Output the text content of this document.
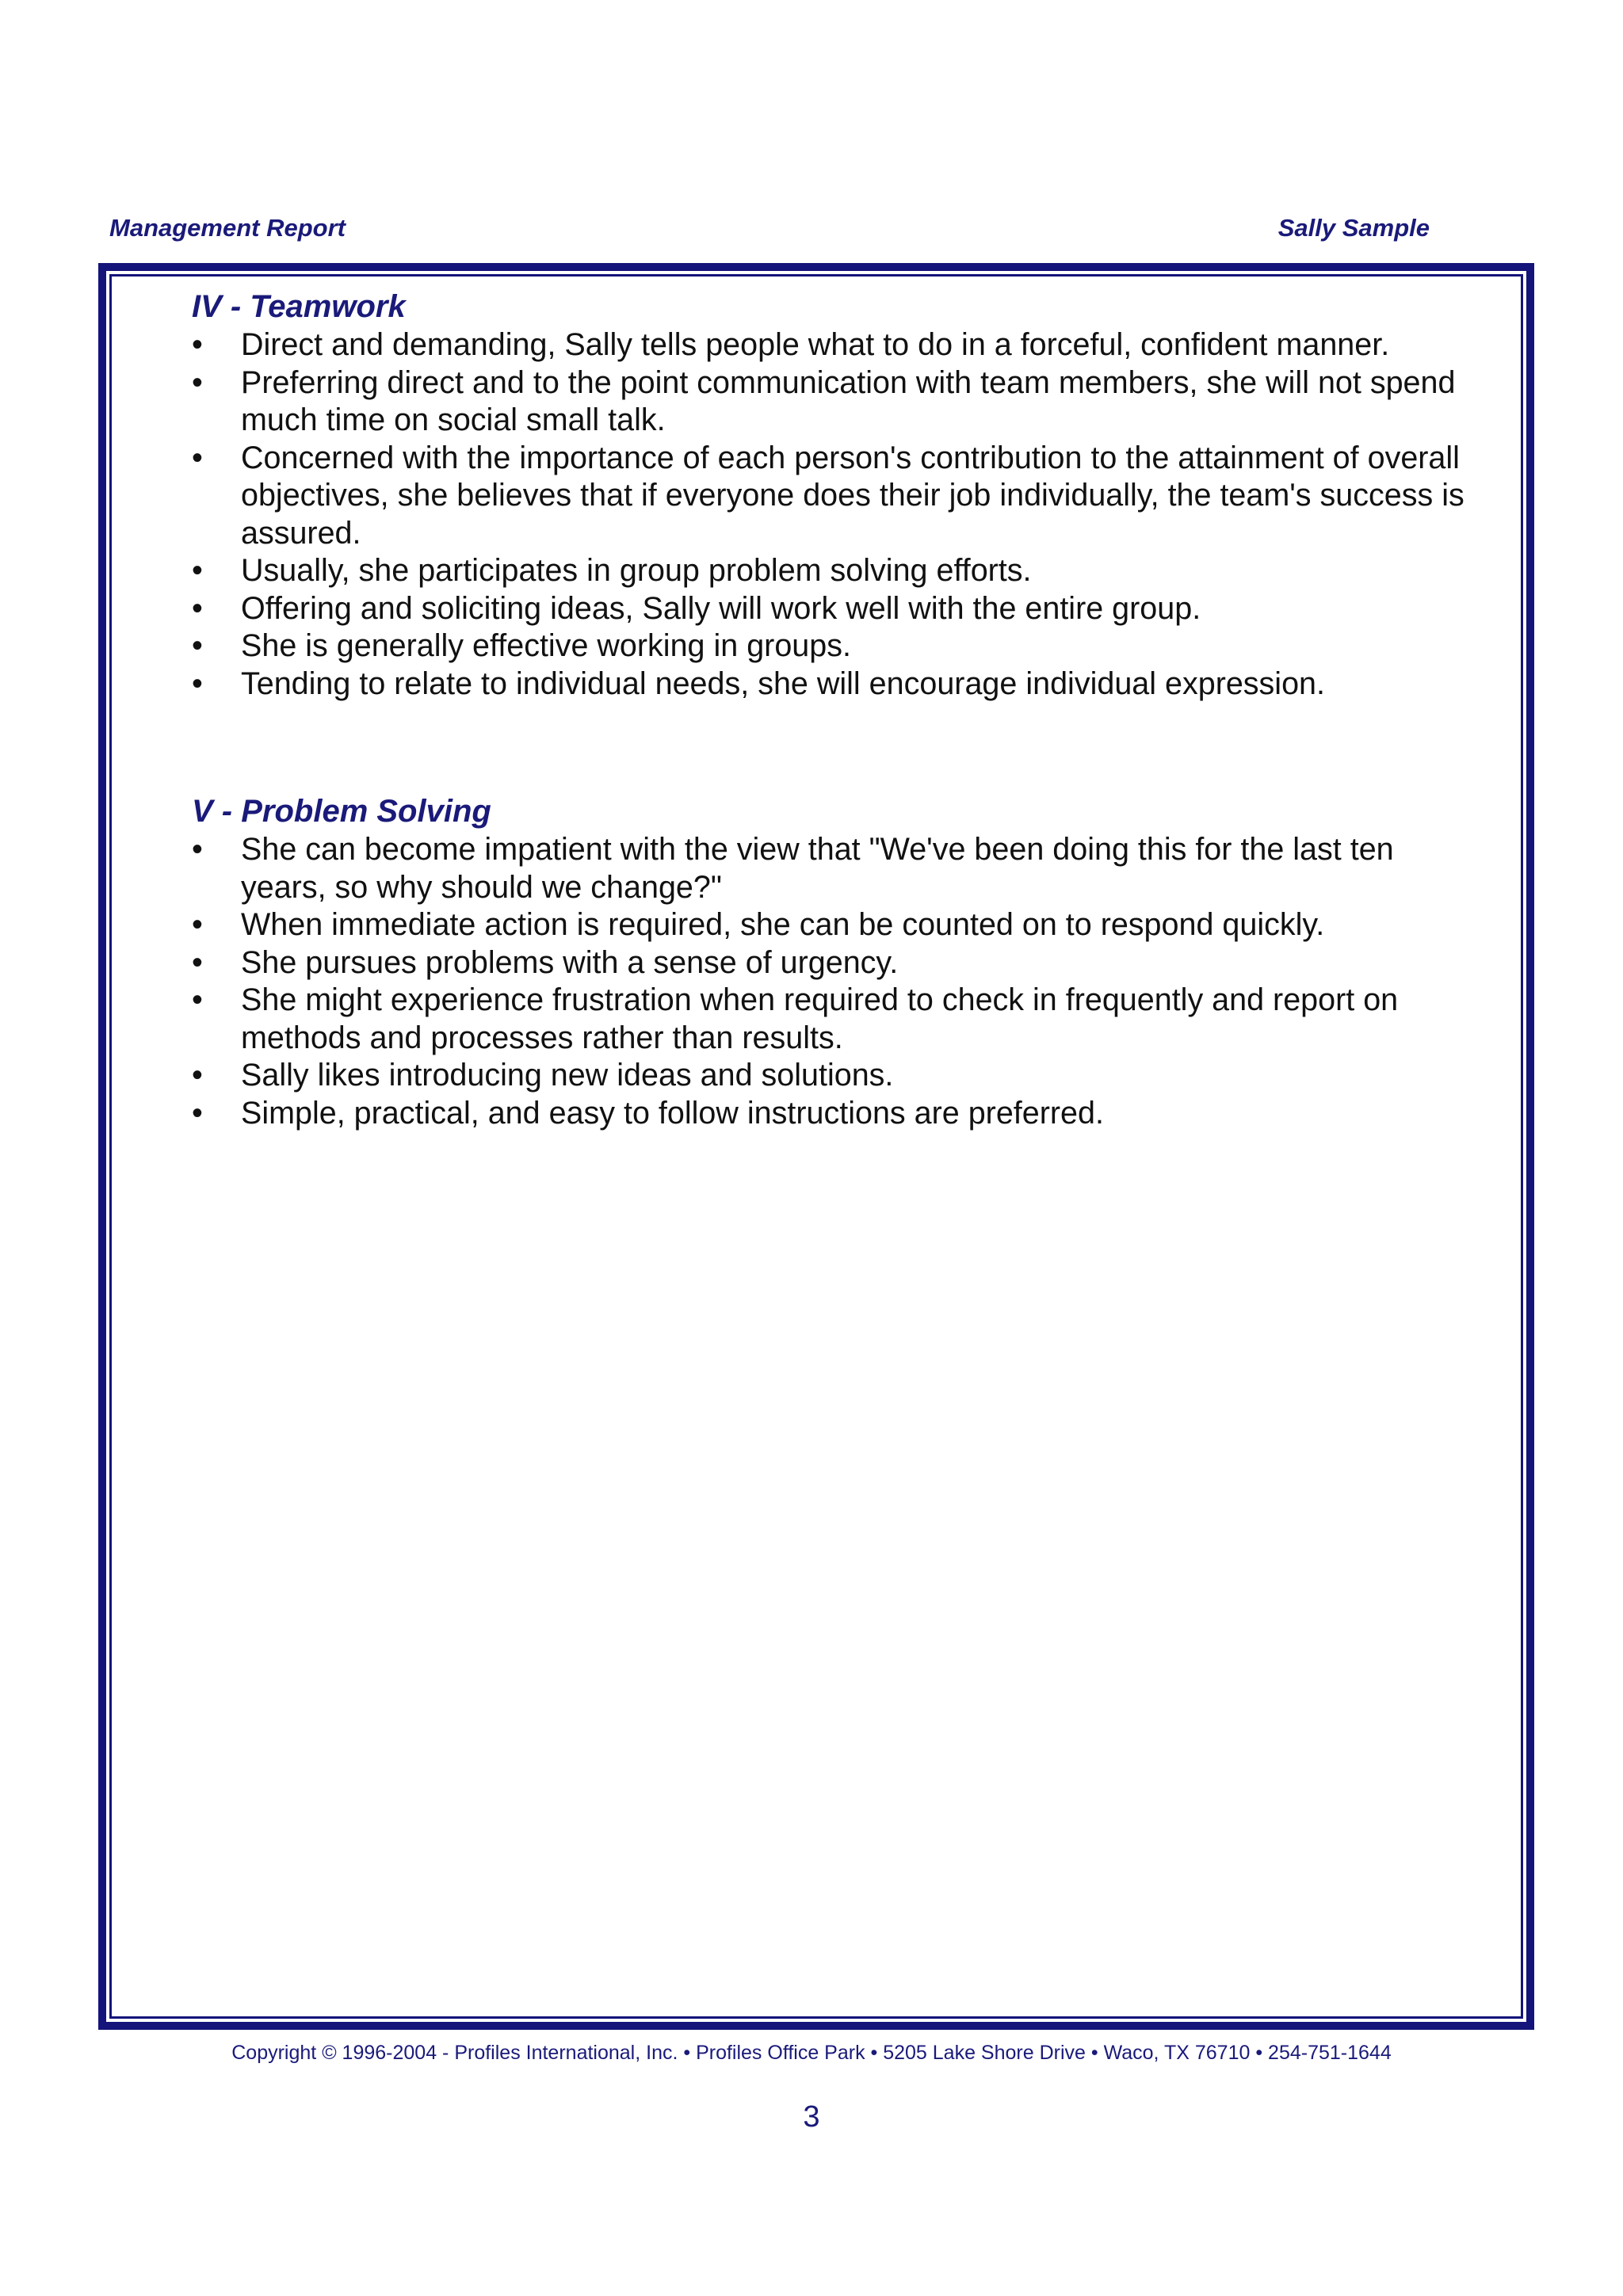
Management Report	Sally Sample
IV - Teamwork
• Direct and demanding, Sally tells people what to do in a forceful, confident manner.
• Preferring direct and to the point communication with team members, she will not spend much time on social small talk.
• Concerned with the importance of each person's contribution to the attainment of overall objectives, she believes that if everyone does their job individually, the team's success is assured.
• Usually, she participates in group problem solving efforts.
• Offering and soliciting ideas, Sally will work well with the entire group.
• She is generally effective working in groups.
• Tending to relate to individual needs, she will encourage individual expression.
V - Problem Solving
• She can become impatient with the view that "We've been doing this for the last ten years, so why should we change?"
• When immediate action is required, she can be counted on to respond quickly.
• She pursues problems with a sense of urgency.
• She might experience frustration when required to check in frequently and report on methods and processes rather than results.
• Sally likes introducing new ideas and solutions.
• Simple, practical, and easy to follow instructions are preferred.
Copyright © 1996-2004 - Profiles International, Inc. • Profiles Office Park • 5205 Lake Shore Drive • Waco, TX 76710 • 254-751-1644
3
